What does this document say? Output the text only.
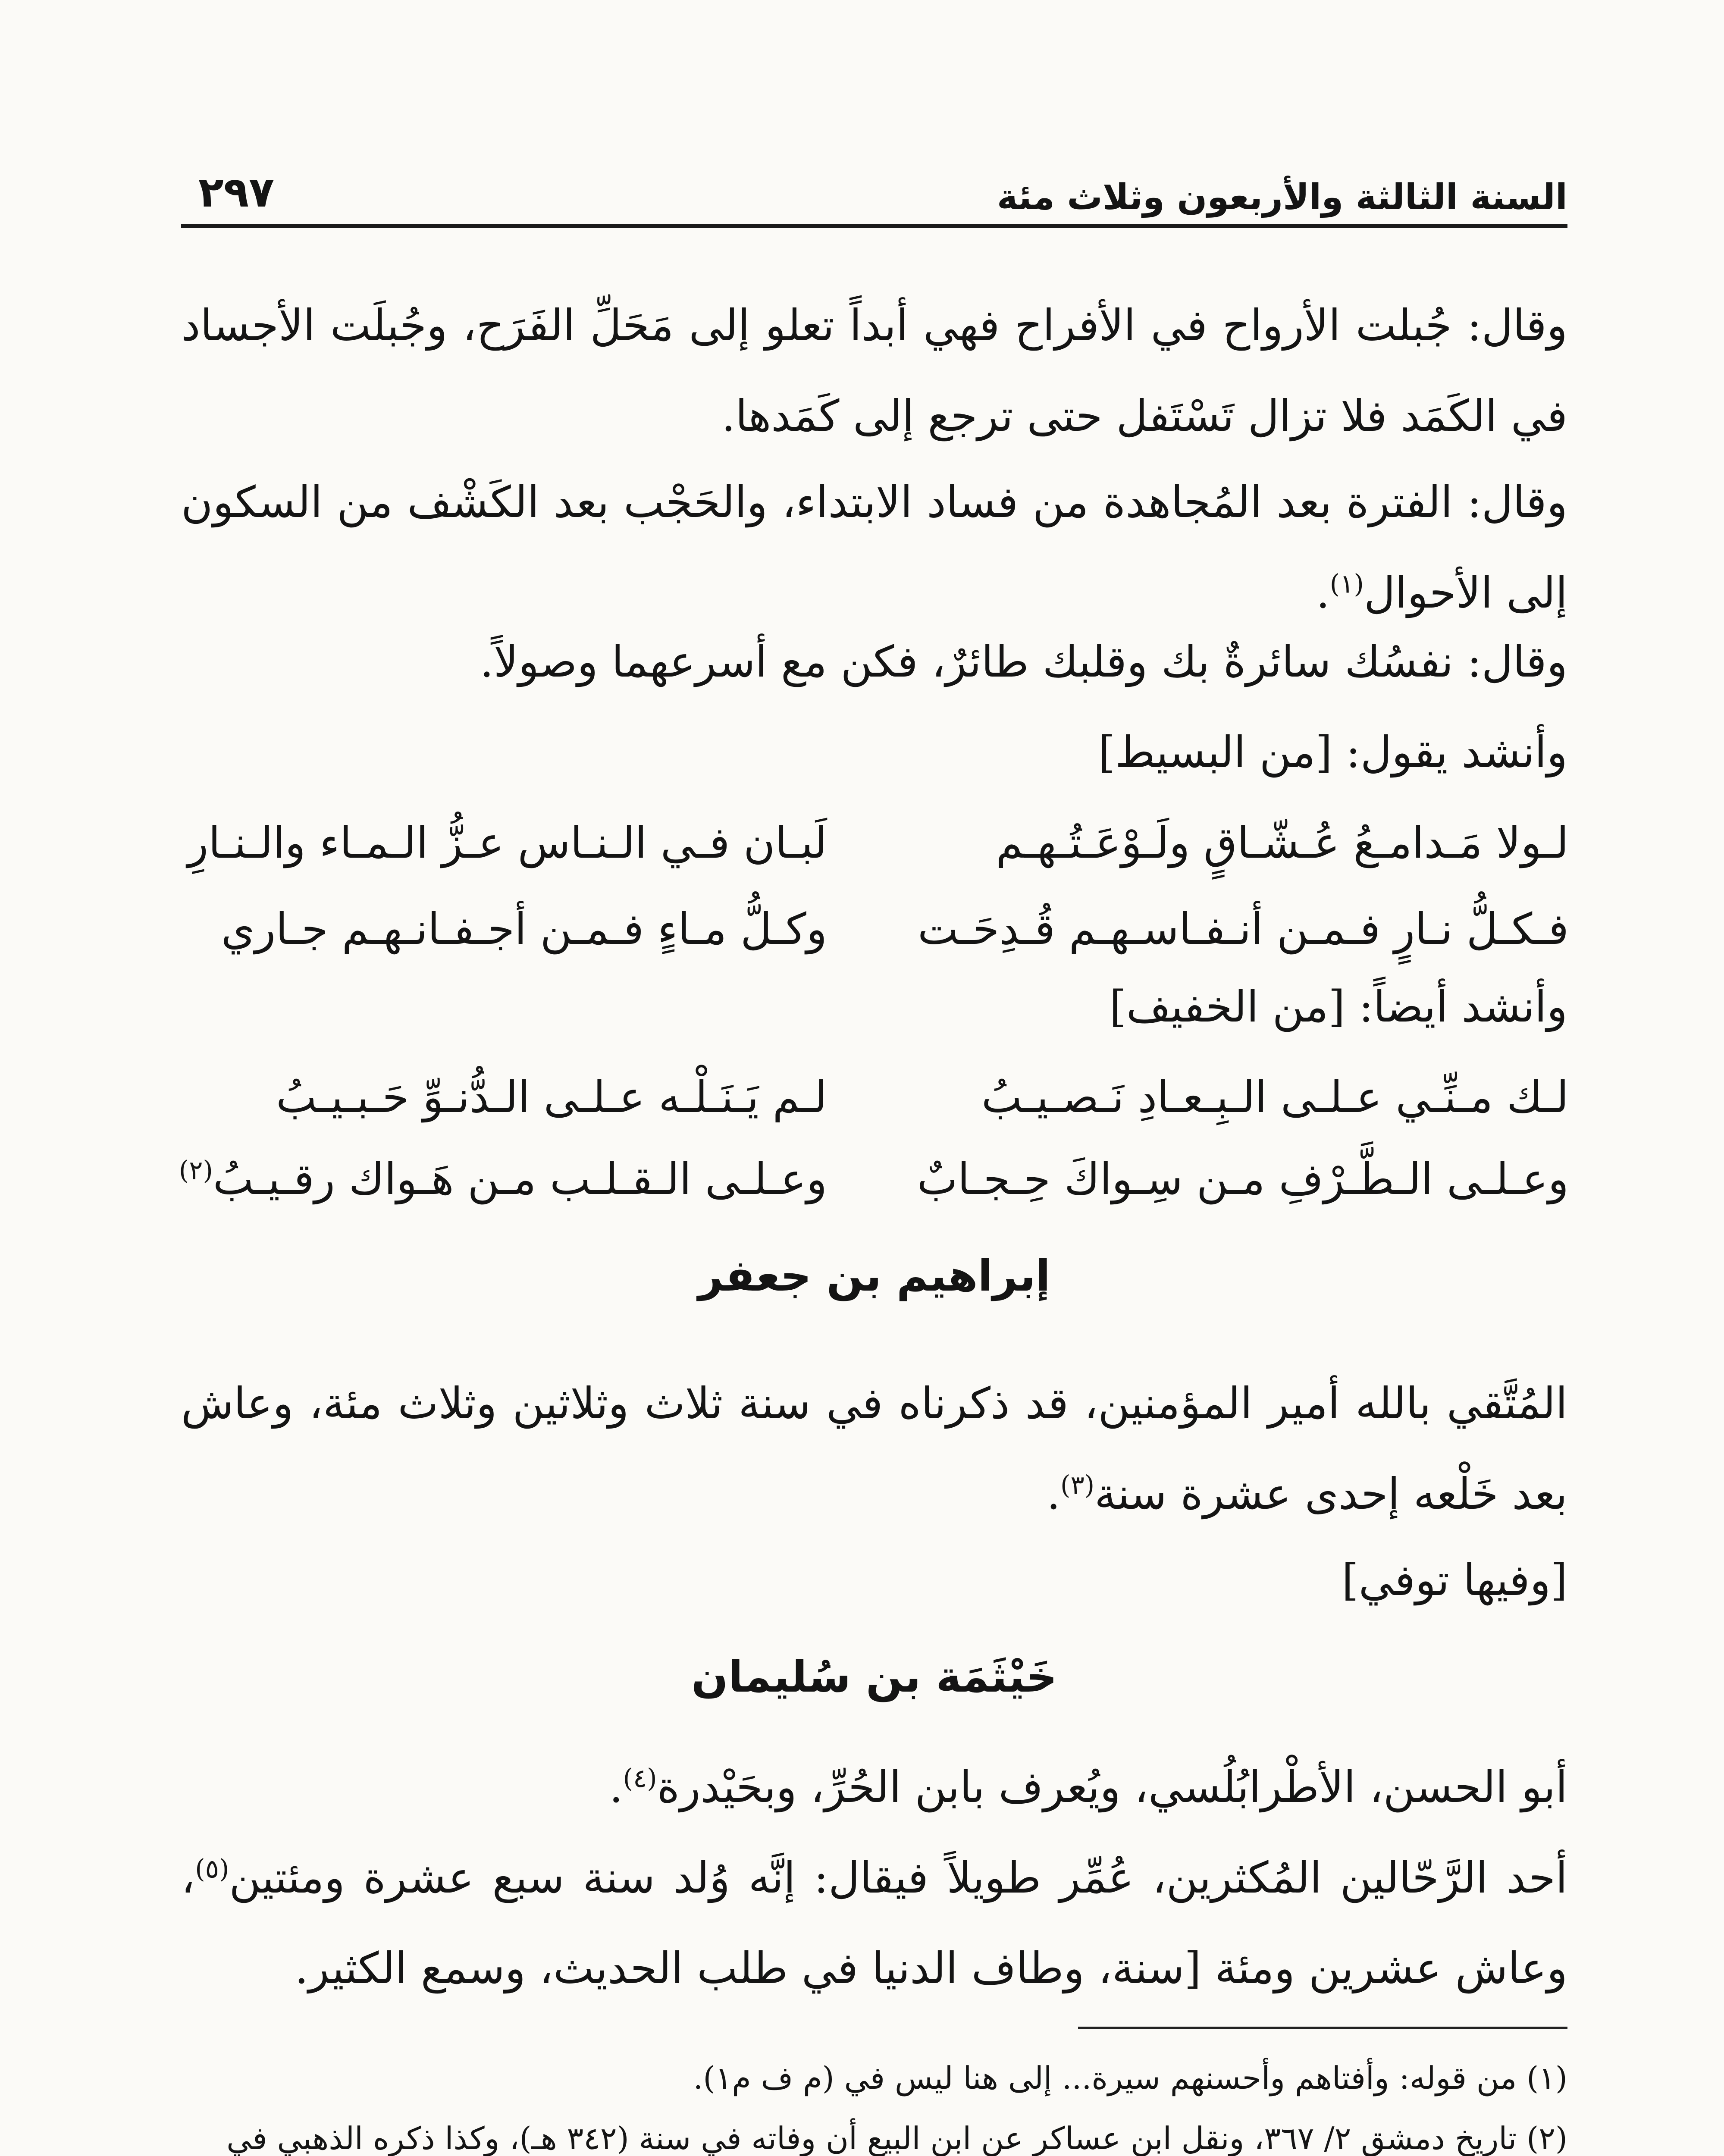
السنة الثالثة والأربعون وثلاث مئة
٢٩٧

وقال: جُبلت الأرواح في الأفراح فهي أبداً تعلو إلى مَحَلِّ الفَرَح، وجُبلَت الأجساد في الكَمَد فلا تزال تَسْتَفل حتى ترجع إلى كَمَدها.

وقال: الفترة بعد المُجاهدة من فساد الابتداء، والحَجْب بعد الكَشْف من السكون إلى الأحوال$^{(١)}$.

وقال: نفسُك سائرةٌ بك وقلبك طائرٌ، فكن مع أسرعهما وصولاً.

وأنشد يقول: [من البسيط]

لـولا مَـدامـعُ عُـشّـاقٍ ولَـوْعَـتُـهـم
لَبـان فـي الـنـاس عـزُّ الـمـاء والـنـارِ
فـكـلُّ نـارٍ فـمـن أنـفـاسـهـم قُـدِحَـت
وكـلُّ مـاءٍ فـمـن أجـفـانـهـم جـاري

وأنشد أيضاً: [من الخفيف]

لـك مـنِّـي عـلـى الـبِـعـادِ نَـصـيـبُ
لـم يَـنَـلْـه عـلـى الـدُّنـوِّ حَـبـيـبُ
وعـلـى الـطَّـرْفِ مـن سِـواكَ حِـجـابٌ
وعـلـى الـقـلـب مـن هَـواك رقـيـبُ$^{(٢)}$
إبراهيم بن جعفر

المُتَّقي بالله أمير المؤمنين، قد ذكرناه في سنة ثلاث وثلاثين وثلاث مئة، وعاش بعد خَلْعه إحدى عشرة سنة$^{(٣)}$.

[وفيها توفي]

خَيْثَمَة بن سُليمان

أبو الحسن، الأطْرابُلُسي، ويُعرف بابن الحُرِّ، وبحَيْدرة$^{(٤)}$.

أحد الرَّحّالين المُكثرين، عُمِّر طويلاً فيقال: إنَّه وُلد سنة سبع عشرة ومئتين$^{(٥)}$، وعاش عشرين ومئة [سنة، وطاف الدنيا في طلب الحديث، وسمع الكثير.

(١) من قوله: وأفتاهم وأحسنهم سيرة... إلى هنا ليس في (م ف م١).

(٢) تاريخ دمشق ٢/ ٣٦٧، ونقل ابن عساكر عن ابن البيع أن وفاته في سنة (٣٤٢ هـ)، وكذا ذكره الذهبي في
